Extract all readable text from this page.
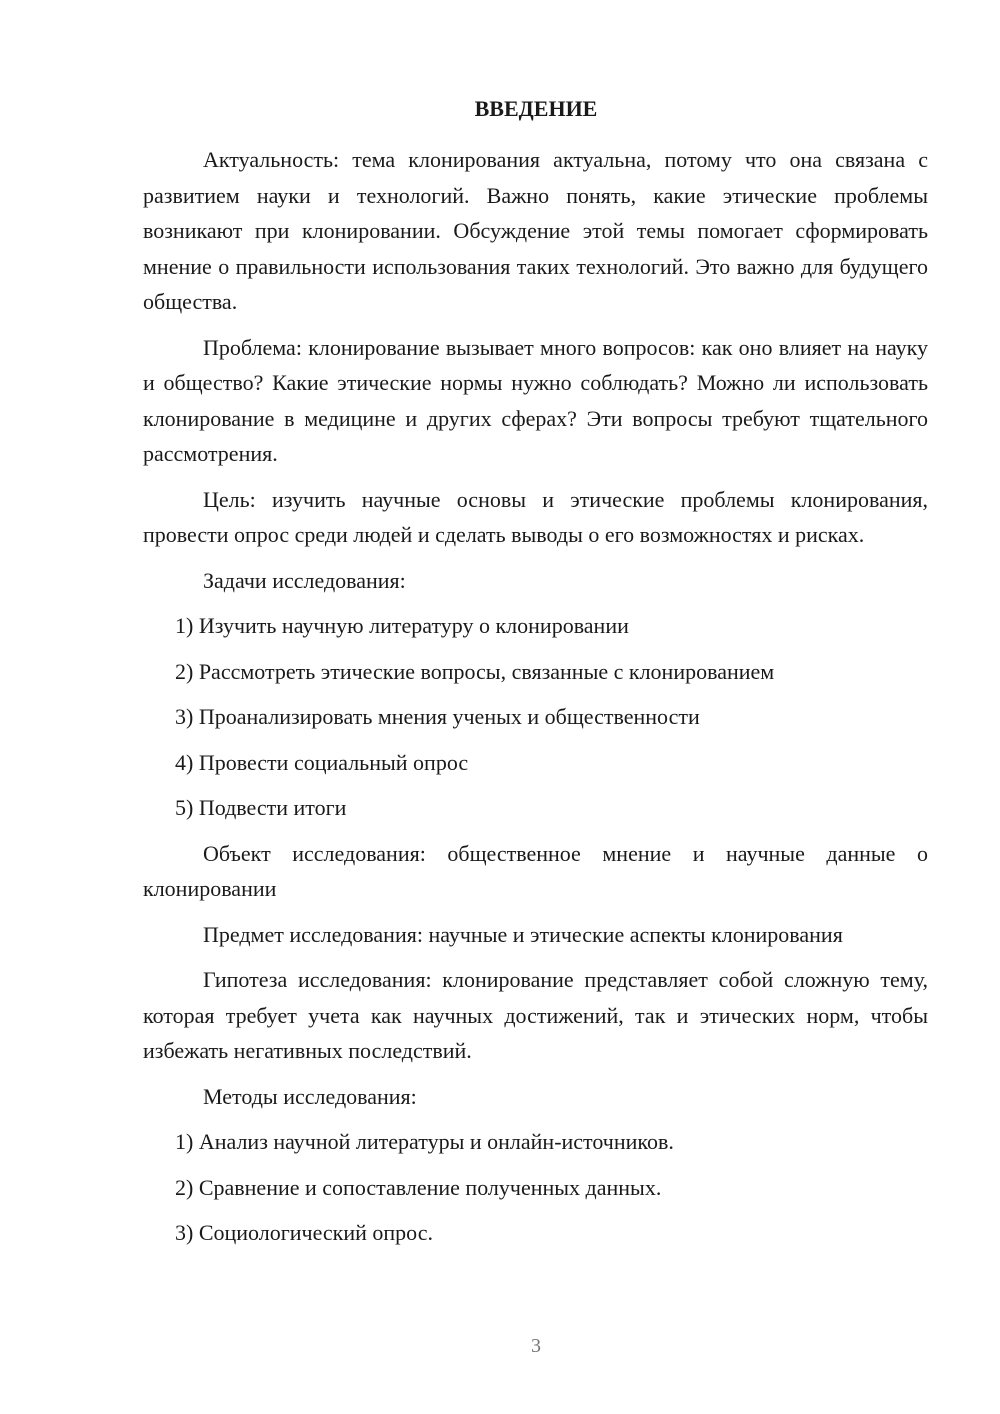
ВВЕДЕНИЕ

Актуальность: тема клонирования актуальна, потому что она связана с развитием науки и технологий. Важно понять, какие этические проблемы возникают при клонировании. Обсуждение этой темы помогает сформировать мнение о правильности использования таких технологий. Это важно для будущего общества.

Проблема: клонирование вызывает много вопросов: как оно влияет на науку и общество? Какие этические нормы нужно соблюдать? Можно ли использовать клонирование в медицине и других сферах? Эти вопросы требуют тщательного рассмотрения.

Цель: изучить научные основы и этические проблемы клонирования, провести опрос среди людей и сделать выводы о его возможностях и рисках.

Задачи исследования:

1) Изучить научную литературу о клонировании
2) Рассмотреть этические вопросы, связанные с клонированием
3) Проанализировать мнения ученых и общественности
4) Провести социальный опрос
5) Подвести итоги

Объект исследования: общественное мнение и научные данные о клонировании

Предмет исследования: научные и этические аспекты клонирования

Гипотеза исследования: клонирование представляет собой сложную тему, которая требует учета как научных достижений, так и этических норм, чтобы избежать негативных последствий.

Методы исследования:

1) Анализ научной литературы и онлайн-источников.
2) Сравнение и сопоставление полученных данных.
3) Социологический опрос.
3
